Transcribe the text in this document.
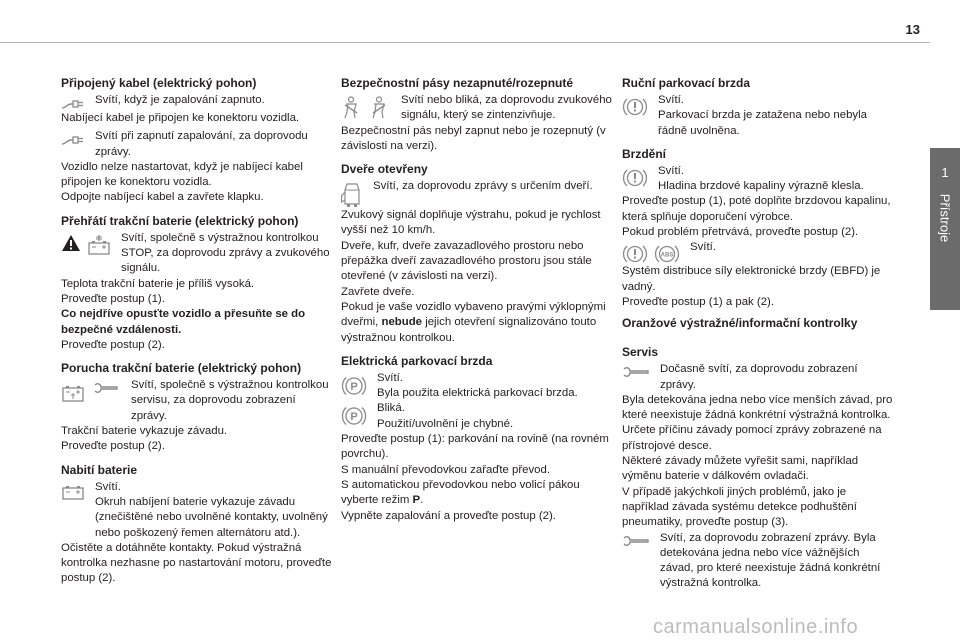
13
1
Přístroje
Připojený kabel (elektrický pohon)

Svítí, když je zapalování zapnuto.

Nabíjecí kabel je připojen ke konektoru vozidla.

Svítí při zapnutí zapalování, za doprovodu zprávy.

Vozidlo nelze nastartovat, když je nabíjecí kabel připojen ke konektoru vozidla.

Odpojte nabíjecí kabel a zavřete klapku.

Přehřátí trakční baterie (elektrický pohon)

Svítí, společně s výstražnou kontrolkou STOP, za doprovodu zprávy a zvukového signálu.

Teplota trakční baterie je příliš vysoká.

Proveďte postup (1).

Co nejdříve opusťte vozidlo a přesuňte se do bezpečné vzdálenosti.

Proveďte postup (2).

Porucha trakční baterie (elektrický pohon)

Svítí, společně s výstražnou kontrolkou servisu, za doprovodu zobrazení zprávy.

Trakční baterie vykazuje závadu.

Proveďte postup (2).

Nabití baterie

Svítí.

Okruh nabíjení baterie vykazuje závadu (znečištěné nebo uvolněné kontakty, uvolněný nebo poškozený řemen alternátoru atd.).

Očistěte a dotáhněte kontakty. Pokud výstražná kontrolka nezhasne po nastartování motoru, proveďte postup (2).

Bezpečnostní pásy nezapnuté/rozepnuté

Svítí nebo bliká, za doprovodu zvukového signálu, který se zintenzivňuje.

Bezpečnostní pás nebyl zapnut nebo je rozepnutý (v závislosti na verzi).

Dveře otevřeny

Svítí, za doprovodu zprávy s určením dveří.

Zvukový signál doplňuje výstrahu, pokud je rychlost vyšší než 10 km/h.

Dveře, kufr, dveře zavazadlového prostoru nebo přepážka dveří zavazadlového prostoru jsou stále otevřené (v závislosti na verzi).

Zavřete dveře.

Pokud je vaše vozidlo vybaveno pravými výklopnými dveřmi, nebude jejich otevření signalizováno touto výstražnou kontrolkou.

Elektrická parkovací brzda
P

Svítí.

Byla použita elektrická parkovací brzda.

P

Bliká.

Použití/uvolnění je chybné.

Proveďte postup (1): parkování na rovině (na rovném povrchu).

S manuální převodovkou zařaďte převod.

S automatickou převodovkou nebo volicí pákou vyberte režim P.

Vypněte zapalování a proveďte postup (2).

Ruční parkovací brzda

Svítí.

Parkovací brzda je zatažena nebo nebyla řádně uvolněna.

Brzdění

Svítí.

Hladina brzdové kapaliny výrazně klesla.

Proveďte postup (1), poté doplňte brzdovou kapalinu, která splňuje doporučení výrobce.

Pokud problém přetrvává, proveďte postup (2).

ABS

Svítí.

Systém distribuce síly elektronické brzdy (EBFD) je vadný.

Proveďte postup (1) a pak (2).

Oranžové výstražné/informační kontrolky
Servis

Dočasně svítí, za doprovodu zobrazení zprávy.

Byla detekována jedna nebo více menších závad, pro které neexistuje žádná konkrétní výstražná kontrolka.

Určete příčinu závady pomocí zprávy zobrazené na přístrojové desce.

Některé závady můžete vyřešit sami, například výměnu baterie v dálkovém ovladači.

V případě jakýchkoli jiných problémů, jako je například závada systému detekce podhuštění pneumatiky, proveďte postup (3).

Svítí, za doprovodu zobrazení zprávy. Byla detekována jedna nebo více vážnějších závad, pro které neexistuje žádná konkrétní výstražná kontrolka.

carmanualsonline.info
